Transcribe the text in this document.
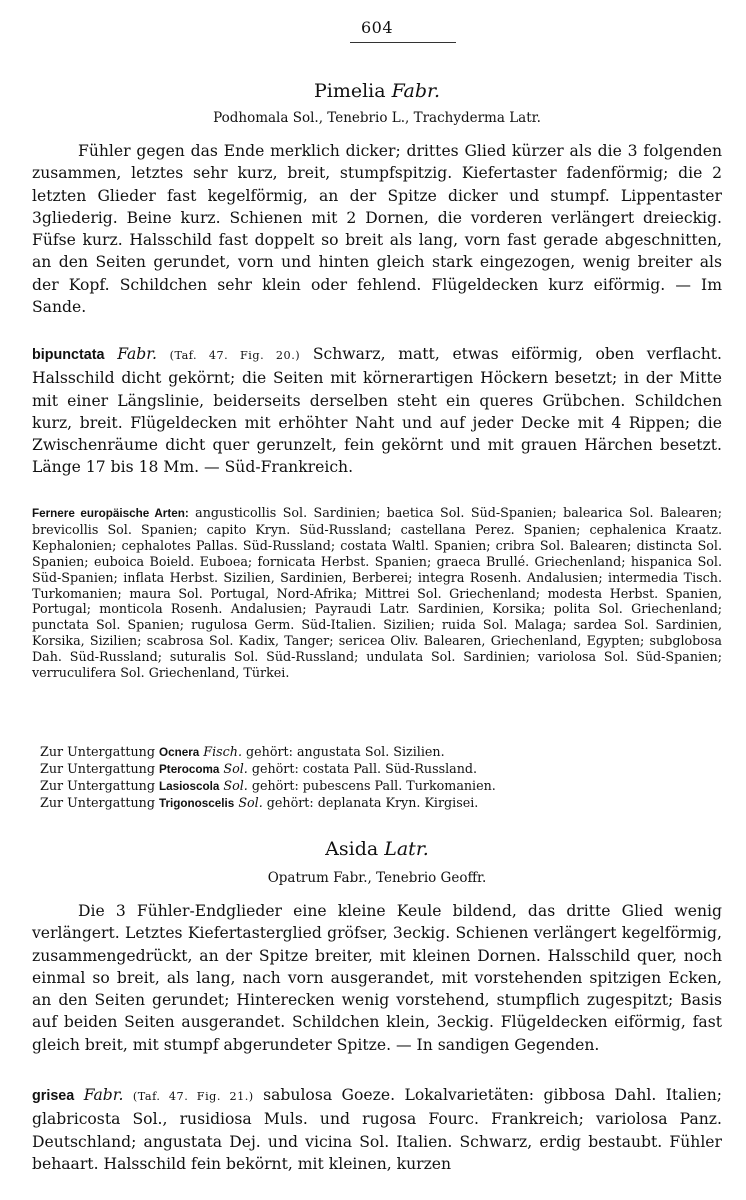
604
Pimelia Fabr.
Podhomala Sol., Tenebrio L., Trachyderma Latr.

Fühler gegen das Ende merklich dicker; drittes Glied kürzer als die 3 folgenden zusammen, letztes sehr kurz, breit, stumpfspitzig. Kiefertaster fadenförmig; die 2 letzten Glieder fast kegelförmig, an der Spitze dicker und stumpf. Lippentaster 3gliederig. Beine kurz. Schienen mit 2 Dornen, die vorderen verlängert dreieckig. Füfse kurz. Halsschild fast doppelt so breit als lang, vorn fast gerade abgeschnitten, an den Seiten gerundet, vorn und hinten gleich stark eingezogen, wenig breiter als der Kopf. Schildchen sehr klein oder fehlend. Flügeldecken kurz eiförmig. — Im Sande.

bipunctata Fabr. (Taf. 47. Fig. 20.) Schwarz, matt, etwas eiförmig, oben verflacht. Halsschild dicht gekörnt; die Seiten mit körnerartigen Höckern besetzt; in der Mitte mit einer Längslinie, beiderseits derselben steht ein queres Grübchen. Schildchen kurz, breit. Flügeldecken mit erhöhter Naht und auf jeder Decke mit 4 Rippen; die Zwischenräume dicht quer gerunzelt, fein gekörnt und mit grauen Härchen besetzt. Länge 17 bis 18 Mm. — Süd-Frankreich.

Fernere europäische Arten: angusticollis Sol. Sardinien; baetica Sol. Süd-Spanien; balearica Sol. Balearen; brevicollis Sol. Spanien; capito Kryn. Süd-Russland; castellana Perez. Spanien; cephalenica Kraatz. Kephalonien; cephalotes Pallas. Süd-Russland; costata Waltl. Spanien; cribra Sol. Balearen; distincta Sol. Spanien; euboica Boield. Euboea; fornicata Herbst. Spanien; graeca Brullé. Griechenland; hispanica Sol. Süd-Spanien; inflata Herbst. Sizilien, Sardinien, Berberei; integra Rosenh. Andalusien; intermedia Tisch. Turkomanien; maura Sol. Portugal, Nord-Afrika; Mittrei Sol. Griechenland; modesta Herbst. Spanien, Portugal; monticola Rosenh. Andalusien; Payraudi Latr. Sardinien, Korsika; polita Sol. Griechenland; punctata Sol. Spanien; rugulosa Germ. Süd-Italien. Sizilien; ruida Sol. Malaga; sardea Sol. Sardinien, Korsika, Sizilien; scabrosa Sol. Kadix, Tanger; sericea Oliv. Balearen, Griechenland, Egypten; subglobosa Dah. Süd-Russland; suturalis Sol. Süd-Russland; undulata Sol. Sardinien; variolosa Sol. Süd-Spanien; verruculifera Sol. Griechenland, Türkei.

Zur Untergattung Ocnera Fisch. gehört: angustata Sol. Sizilien.

Zur Untergattung Pterocoma Sol. gehört: costata Pall. Süd-Russland.

Zur Untergattung Lasioscola Sol. gehört: pubescens Pall. Turkomanien.

Zur Untergattung Trigonoscelis Sol. gehört: deplanata Kryn. Kirgisei.

Asida Latr.
Opatrum Fabr., Tenebrio Geoffr.

Die 3 Fühler-Endglieder eine kleine Keule bildend, das dritte Glied wenig verlängert. Letztes Kiefertasterglied gröfser, 3eckig. Schienen verlängert kegelförmig, zusammengedrückt, an der Spitze breiter, mit kleinen Dornen. Halsschild quer, noch einmal so breit, als lang, nach vorn ausgerandet, mit vorstehenden spitzigen Ecken, an den Seiten gerundet; Hinterecken wenig vorstehend, stumpflich zugespitzt; Basis auf beiden Seiten ausgerandet. Schildchen klein, 3eckig. Flügeldecken eiförmig, fast gleich breit, mit stumpf abgerundeter Spitze. — In sandigen Gegenden.

grisea Fabr. (Taf. 47. Fig. 21.) sabulosa Goeze. Lokalvarietäten: gibbosa Dahl. Italien; glabricosta Sol., rusidiosa Muls. und rugosa Fourc. Frankreich; variolosa Panz. Deutschland; angustata Dej. und vicina Sol. Italien. Schwarz, erdig bestaubt. Fühler behaart. Halsschild fein bekörnt, mit kleinen, kurzen
